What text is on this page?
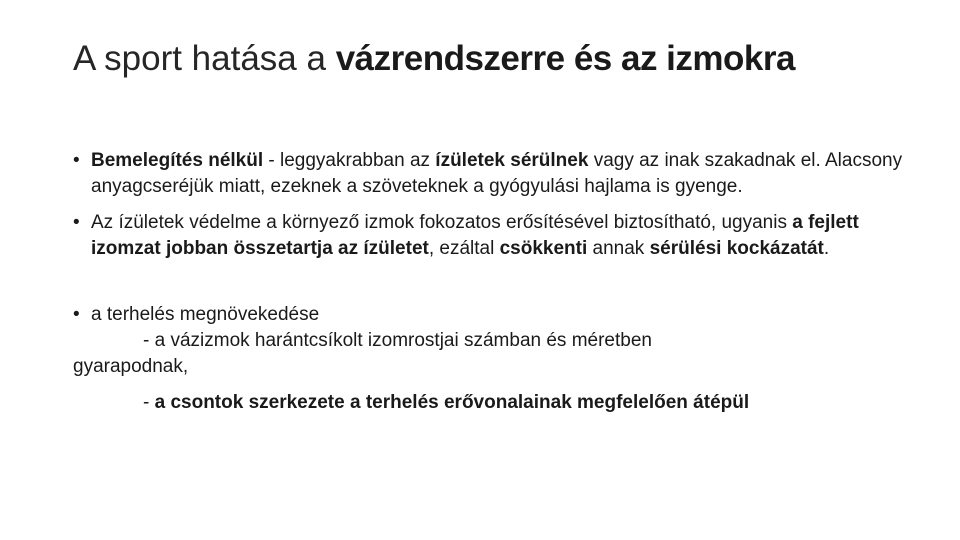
A sport hatása a vázrendszerre és az izmokra

• Bemelegítés nélkül - leggyakrabban az ízületek sérülnek vagy az inak szakadnak el. Alacsony anyagcseréjük miatt, ezeknek a szöveteknek a gyógyulási hajlama is gyenge.

• Az ízületek védelme a környező izmok fokozatos erősítésével biztosítható, ugyanis a fejlett izomzat jobban összetartja az ízületet, ezáltal csökkenti annak sérülési kockázatát.

• a terhelés megnövekedése

- a vázizmok harántcsíkolt izomrostjai számban és méretben
gyarapodnak,

- a csontok szerkezete a terhelés erővonalainak megfelelően átépül
